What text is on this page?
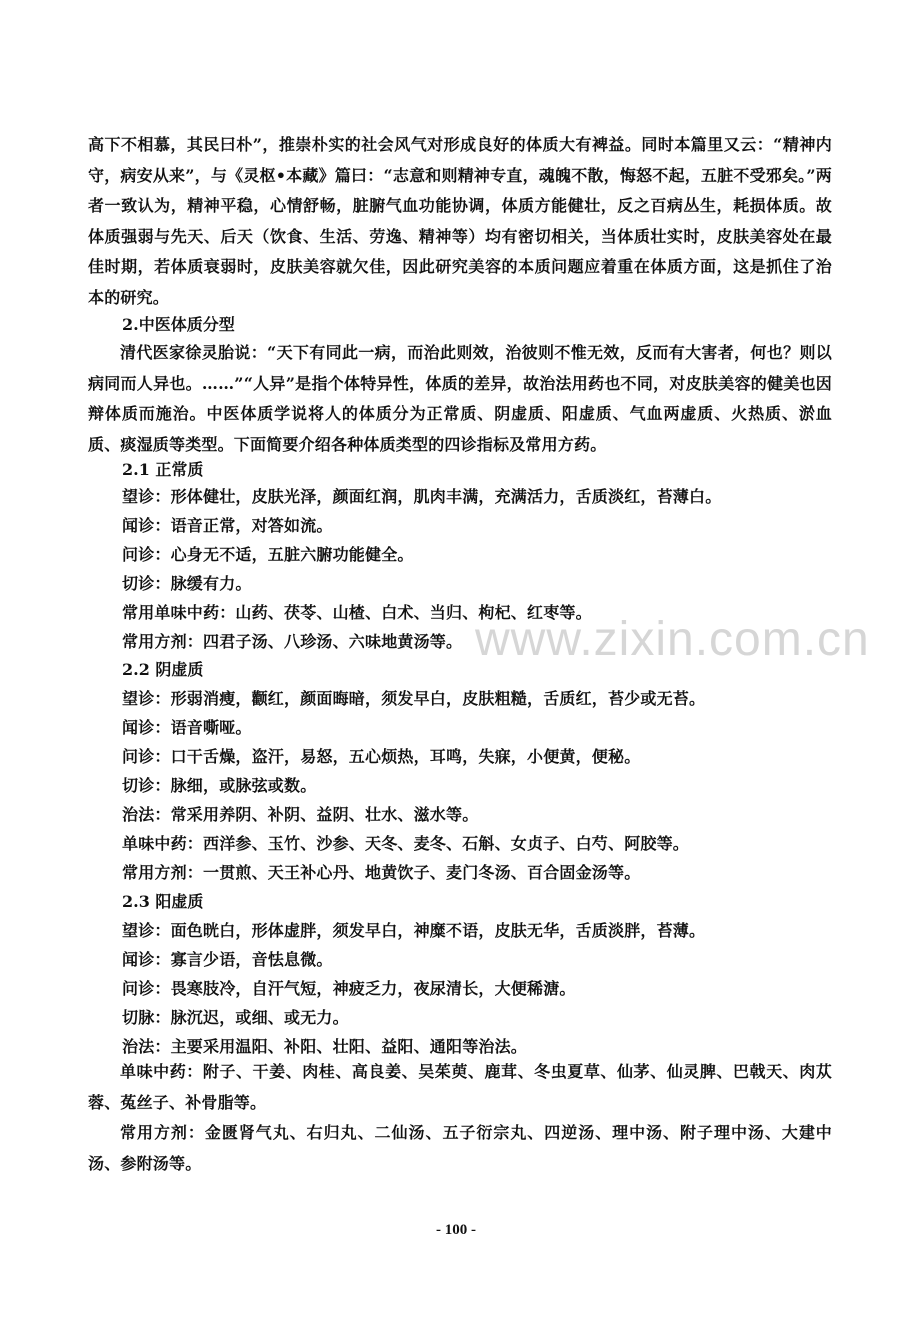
高下不相慕，其民曰朴”，推崇朴实的社会风气对形成良好的体质大有裨益。同时本篇里又云：“精神内守，病安从来”，与《灵枢•本藏》篇曰：“志意和则精神专直，魂魄不散，悔怒不起，五脏不受邪矣。”两者一致认为，精神平稳，心情舒畅，脏腑气血功能协调，体质方能健壮，反之百病丛生，耗损体质。故体质强弱与先天、后天（饮食、生活、劳逸、精神等）均有密切相关，当体质壮实时，皮肤美容处在最佳时期，若体质衰弱时，皮肤美容就欠佳，因此研究美容的本质问题应着重在体质方面，这是抓住了治本的研究。

2.中医体质分型
清代医家徐灵胎说：“天下有同此一病，而治此则效，治彼则不惟无效，反而有大害者，何也？则以病同而人异也。……”“人异”是指个体特异性，体质的差异，故治法用药也不同，对皮肤美容的健美也因辩体质而施治。中医体质学说将人的体质分为正常质、阴虚质、阳虚质、气血两虚质、火热质、淤血质、痰湿质等类型。下面简要介绍各种体质类型的四诊指标及常用方药。
2.1 正常质
望诊：形体健壮，皮肤光泽，颜面红润，肌肉丰满，充满活力，舌质淡红，苔薄白。
闻诊：语音正常，对答如流。
问诊：心身无不适，五脏六腑功能健全。
切诊：脉缓有力。
常用单味中药：山药、茯苓、山楂、白术、当归、枸杞、红枣等。
常用方剂：四君子汤、八珍汤、六味地黄汤等。
2.2 阴虚质
望诊：形弱消瘦，颧红，颜面晦暗，须发早白，皮肤粗糙，舌质红，苔少或无苔。
闻诊：语音嘶哑。
问诊：口干舌燥，盗汗，易怒，五心烦热，耳鸣，失寐，小便黄，便秘。
切诊：脉细，或脉弦或数。
治法：常采用养阴、补阴、益阴、壮水、滋水等。
单味中药：西洋参、玉竹、沙参、天冬、麦冬、石斛、女贞子、白芍、阿胶等。
常用方剂：一贯煎、天王补心丹、地黄饮子、麦门冬汤、百合固金汤等。
2.3 阳虚质
望诊：面色晄白，形体虚胖，须发早白，神糜不语，皮肤无华，舌质淡胖，苔薄。
闻诊：寡言少语，音怯息微。
问诊：畏寒肢冷，自汗气短，神疲乏力，夜尿清长，大便稀溏。
切脉：脉沉迟，或细、或无力。
治法：主要采用温阳、补阳、壮阳、益阳、通阳等治法。
单味中药：附子、干姜、肉桂、高良姜、吴茱萸、鹿茸、冬虫夏草、仙茅、仙灵脾、巴戟天、肉苁蓉、菟丝子、补骨脂等。
常用方剂：金匮肾气丸、右归丸、二仙汤、五子衍宗丸、四逆汤、理中汤、附子理中汤、大建中汤、参附汤等。
www.zixin.com.cn
- 100 -
